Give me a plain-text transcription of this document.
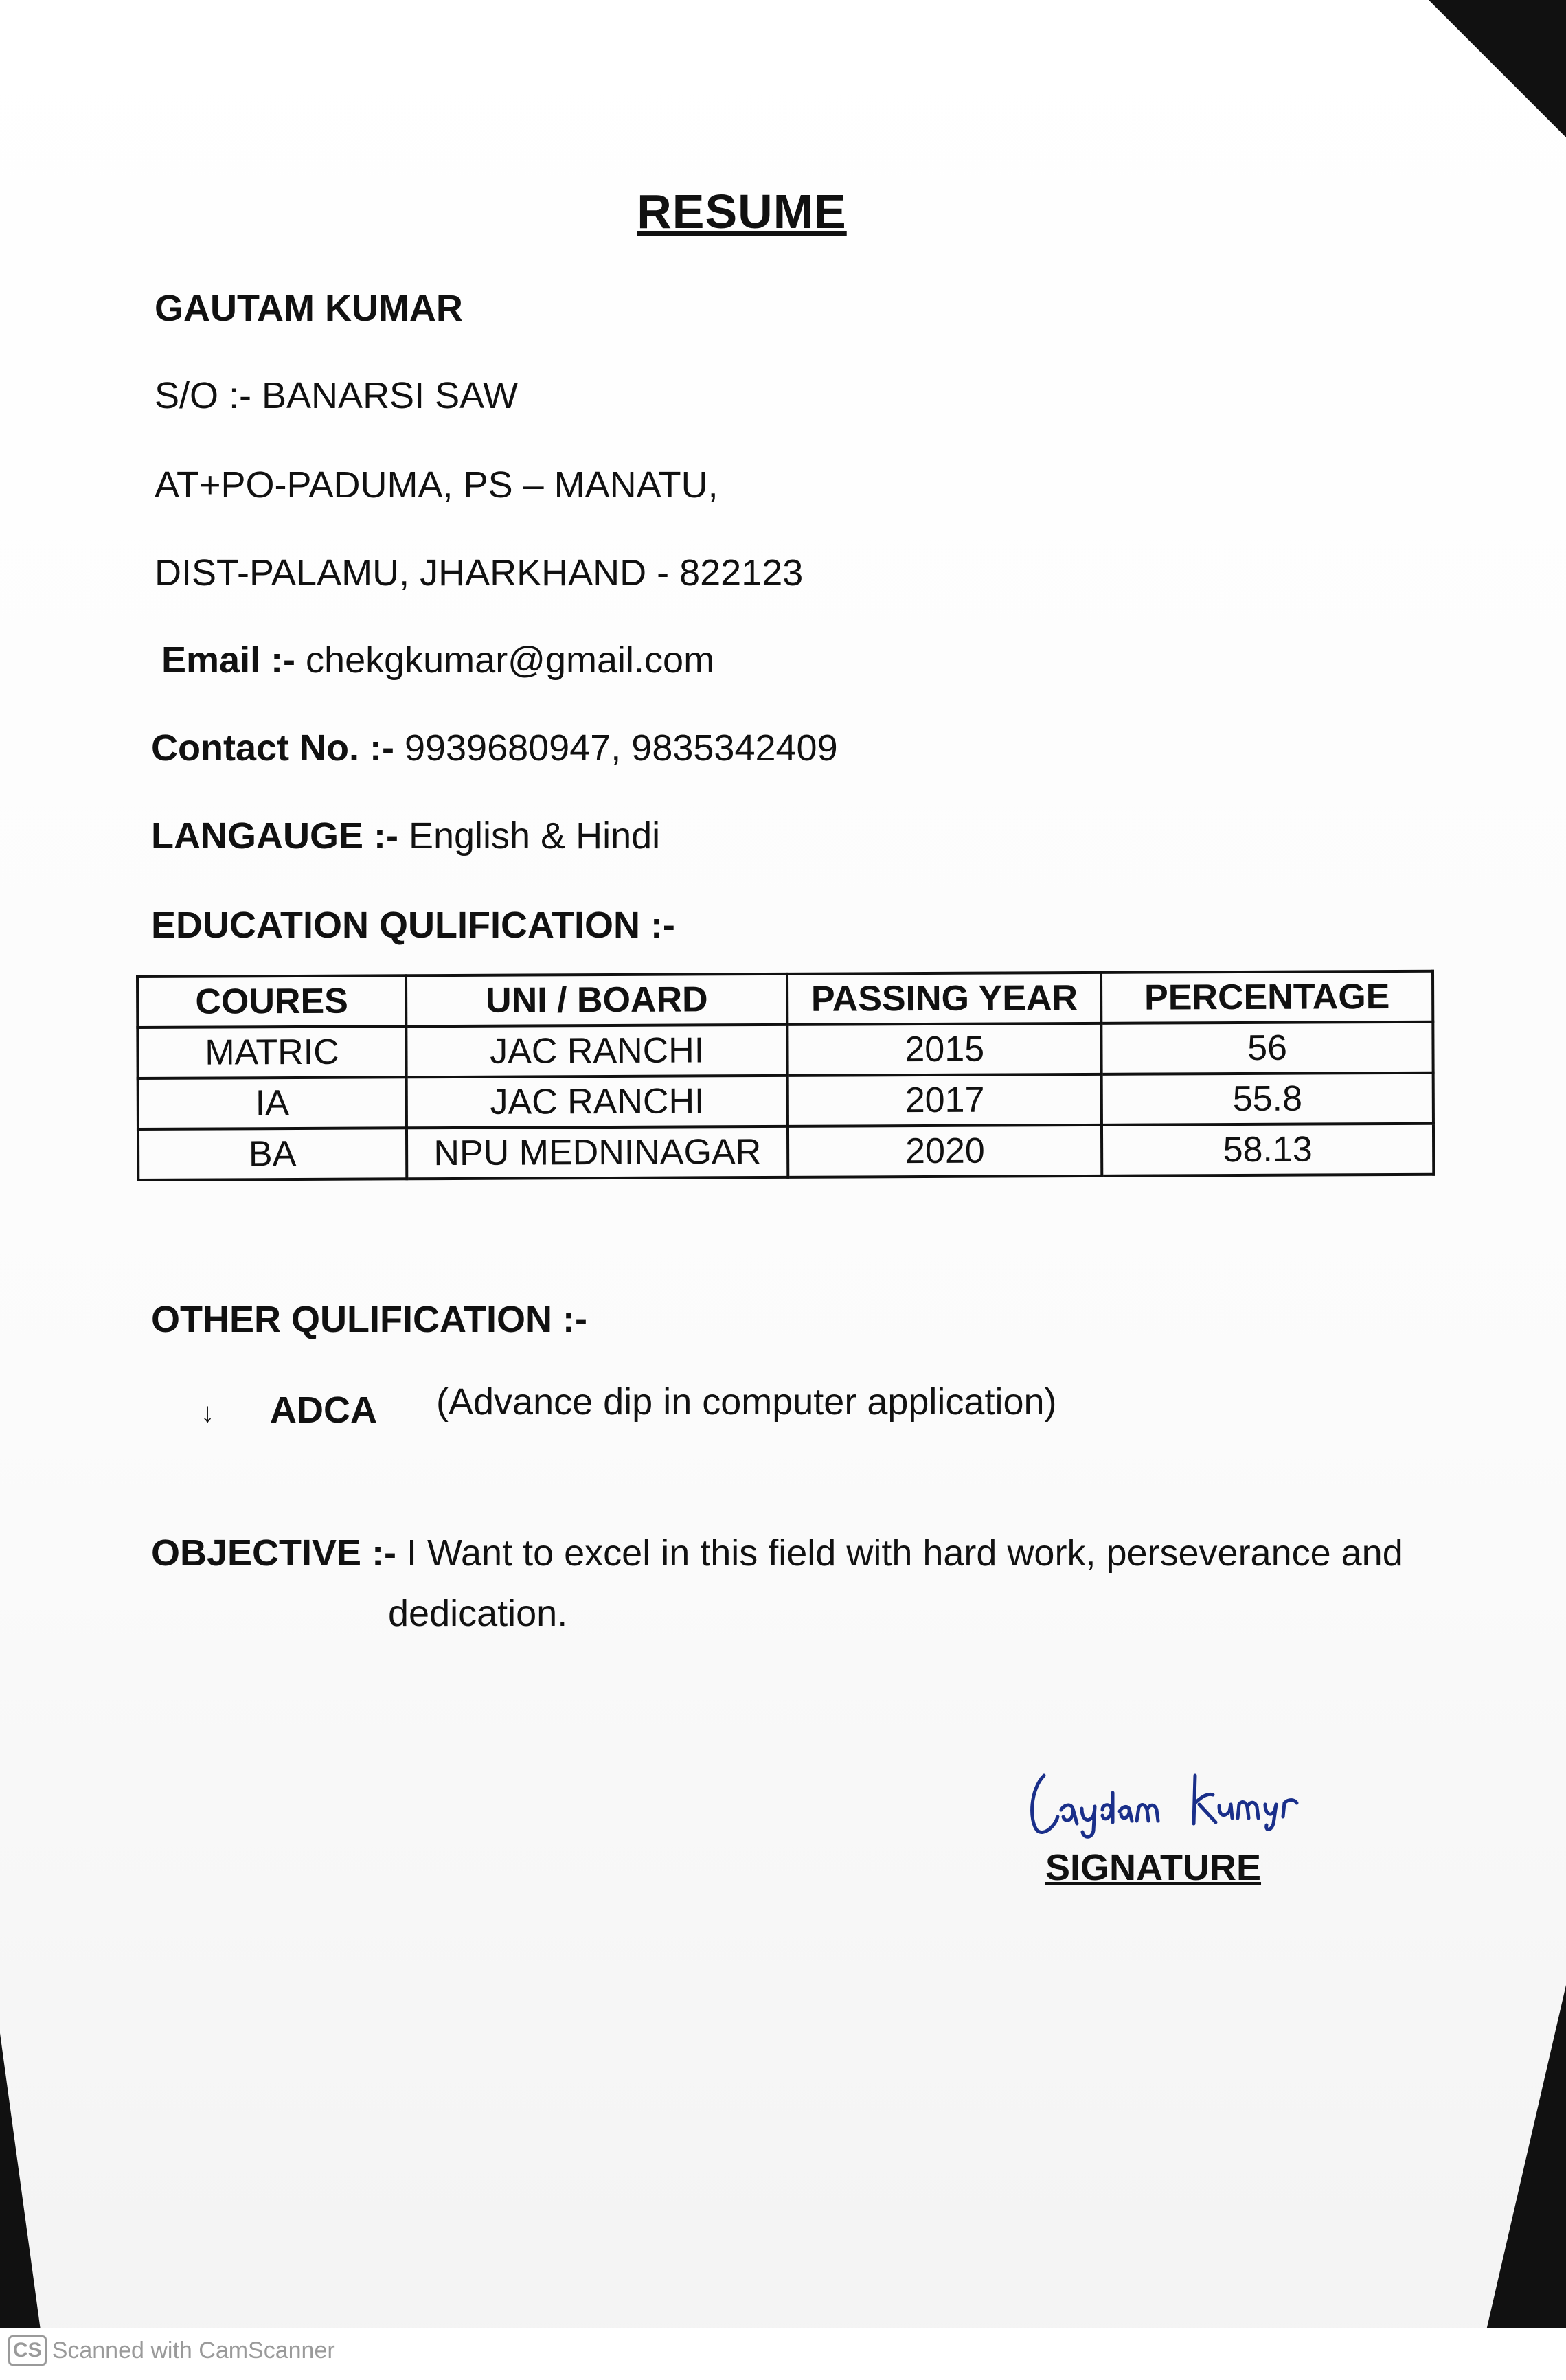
RESUME
GAUTAM KUMAR
S/O :- BANARSI SAW
AT+PO-PADUMA, PS – MANATU,
DIST-PALAMU, JHARKHAND - 822123
Email :- chekgkumar@gmail.com
Contact No. :- 9939680947, 9835342409
LANGAUGE :- English & Hindi
EDUCATION QULIFICATION :-
COURES	UNI / BOARD	PASSING YEAR	PERCENTAGE
MATRIC	JAC RANCHI	2015	56
IA	JAC RANCHI	2017	55.8
BA	NPU MEDNINAGAR	2020	58.13
OTHER QULIFICATION :-
↓ ADCA (Advance dip in computer application)
OBJECTIVE :- I Want to excel in this field with hard work, perseverance and
dedication.
SIGNATURE
CS Scanned with CamScanner
